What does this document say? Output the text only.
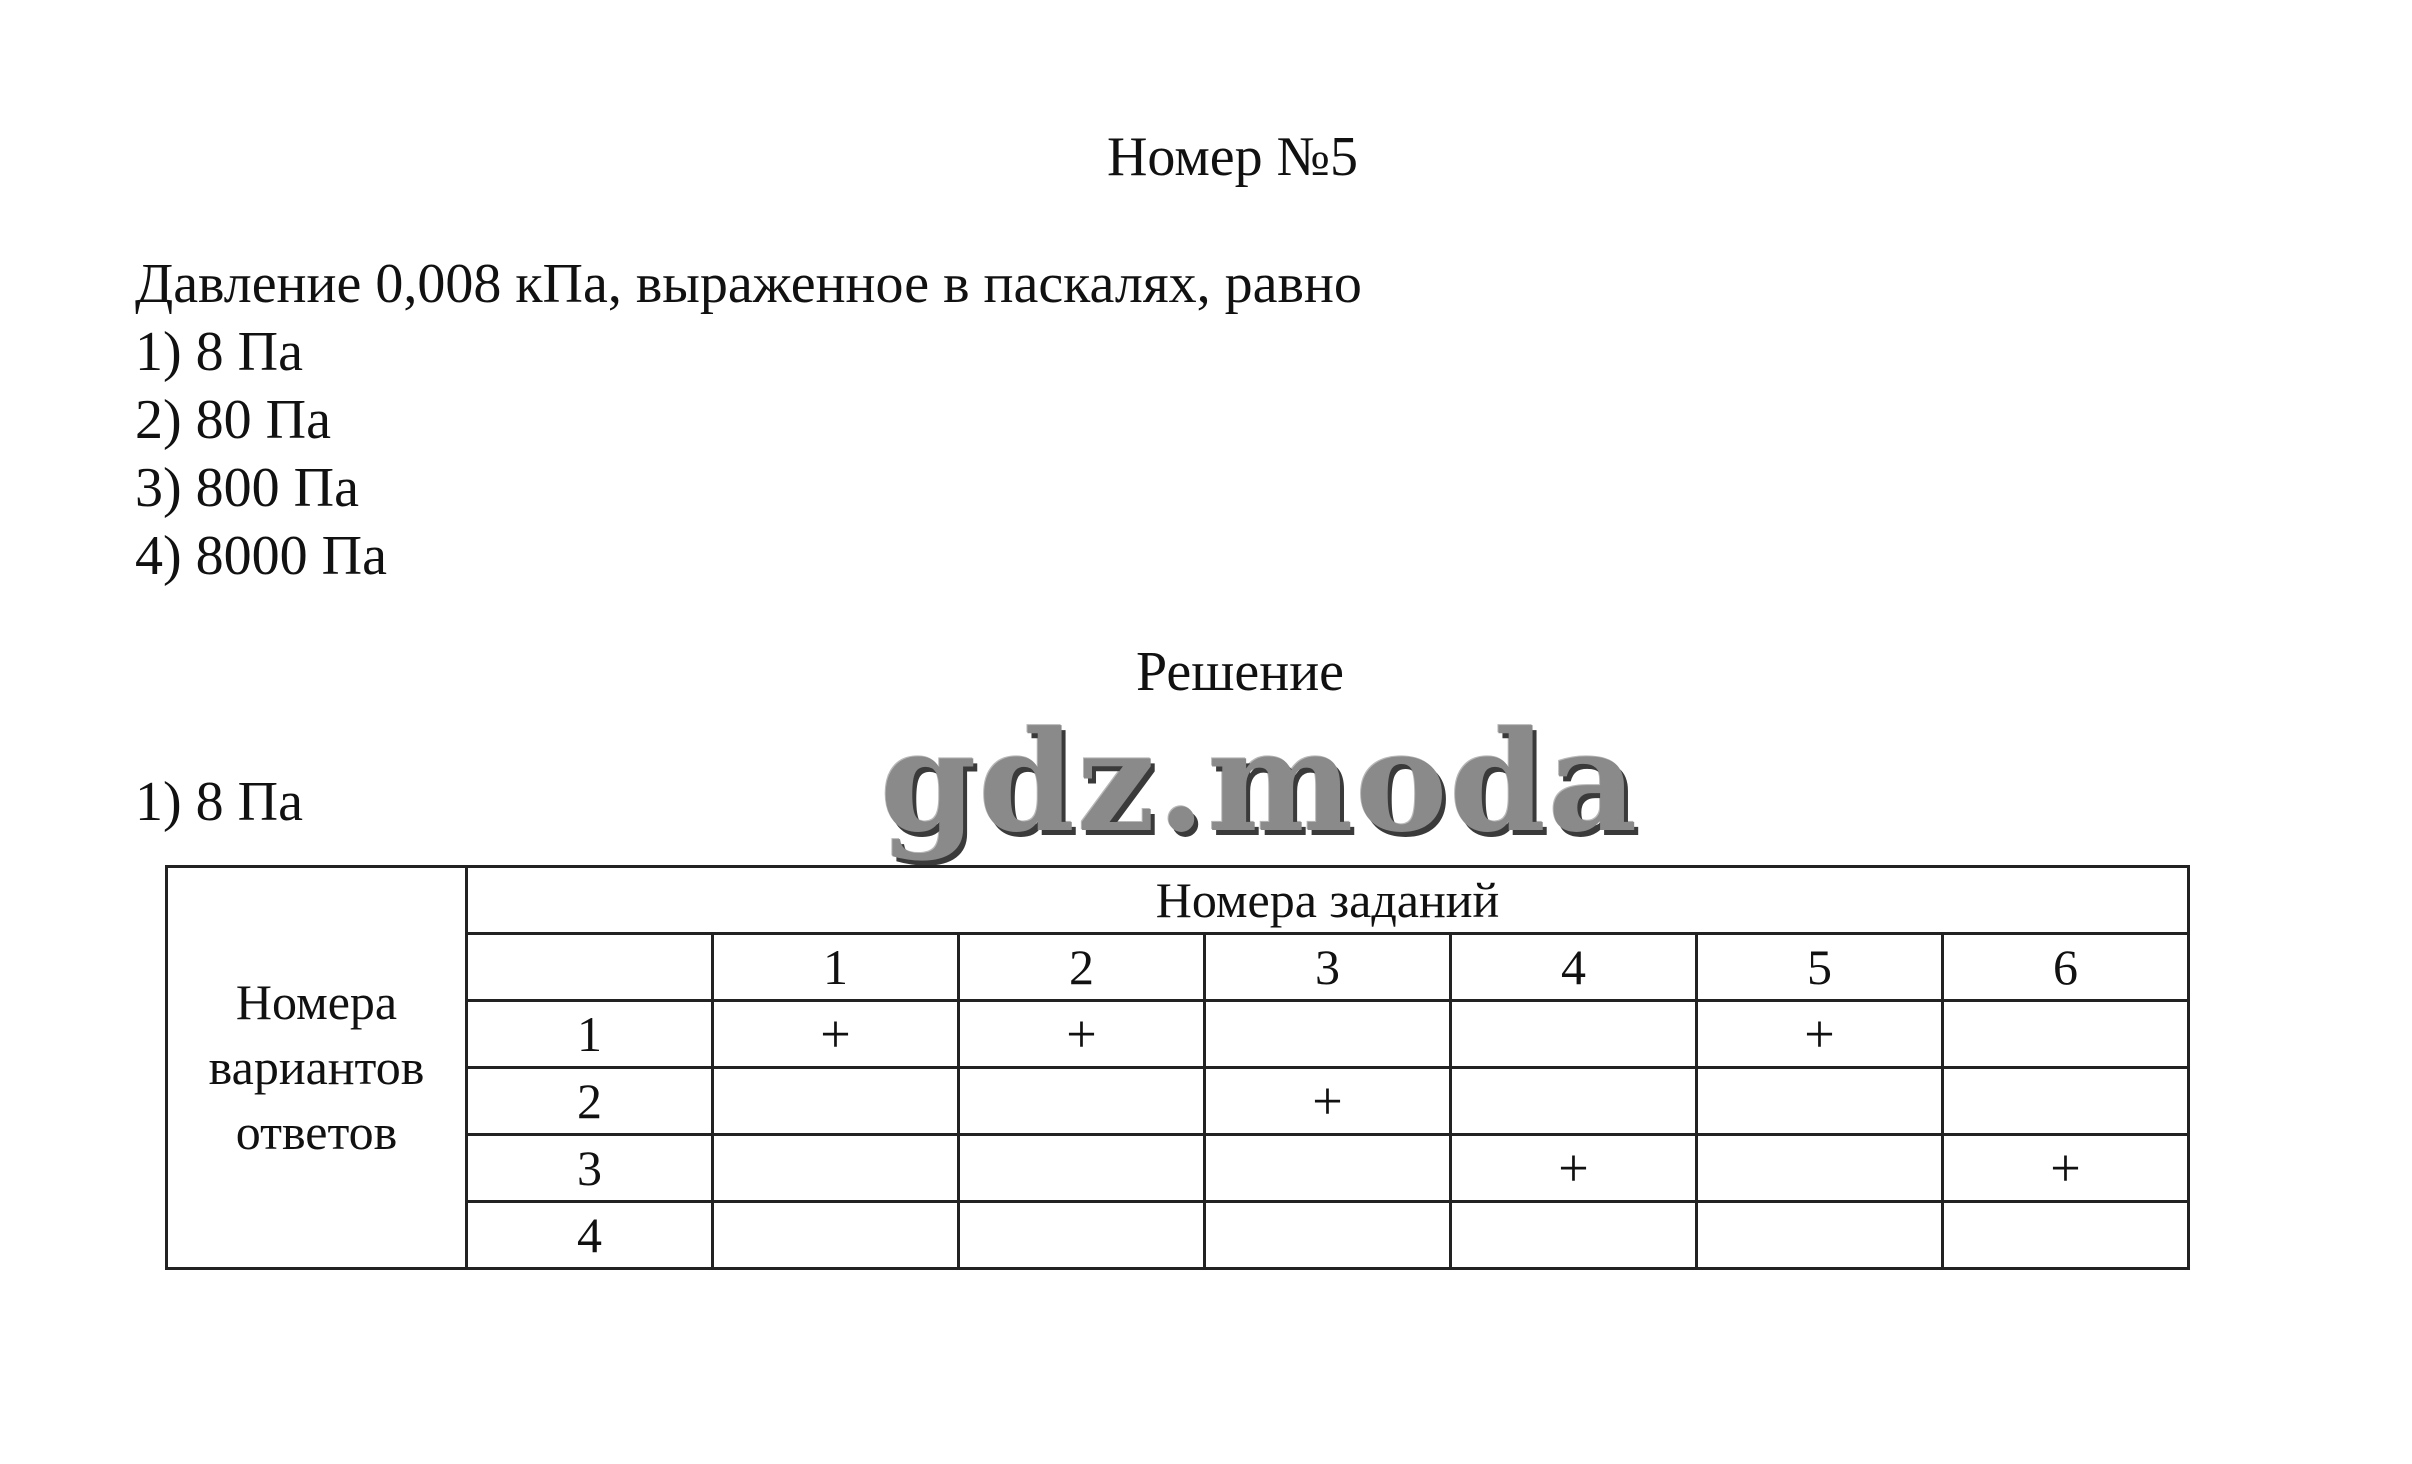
Номер №5
Давление 0,008 кПа, выраженное в паскалях, равно
1) 8 Па
2) 80 Па
3) 800 Па
4) 8000 Па
Решение
gdz.moda
1) 8 Па
Номера
вариантов
ответов	Номера заданий						
		1	2	3	4	5	6
	1	+	+			+	
	2			+			
	3				+		+
	4						
